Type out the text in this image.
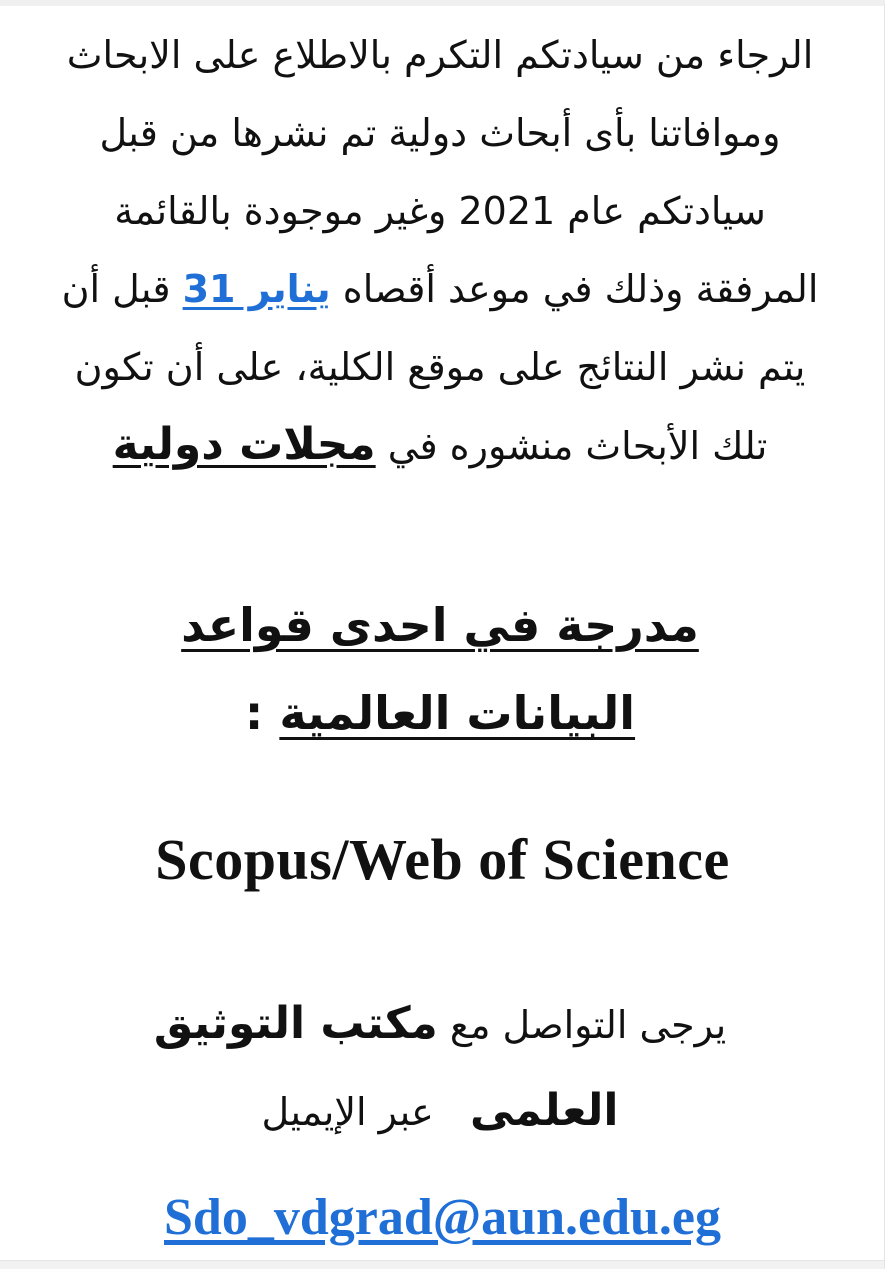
الرجاء من سيادتكم التكرم بالاطلاع على الابحاث وموافاتنا بأى أبحاث دولية تم نشرها من قبل سيادتكم عام 2021 وغير موجودة بالقائمة المرفقة وذلك في موعد أقصاه يناير 31 قبل أن يتم نشر النتائج على موقع الكلية، على أن تكون تلك الأبحاث منشوره في مجلات دولية
مدرجة في احدى قواعد
البيانات العالمية :
Scopus/Web of Science
يرجى التواصل مع مكتب التوثيق
العلمى   عبر الإيميل
Sdo_vdgrad@aun.edu.eg
